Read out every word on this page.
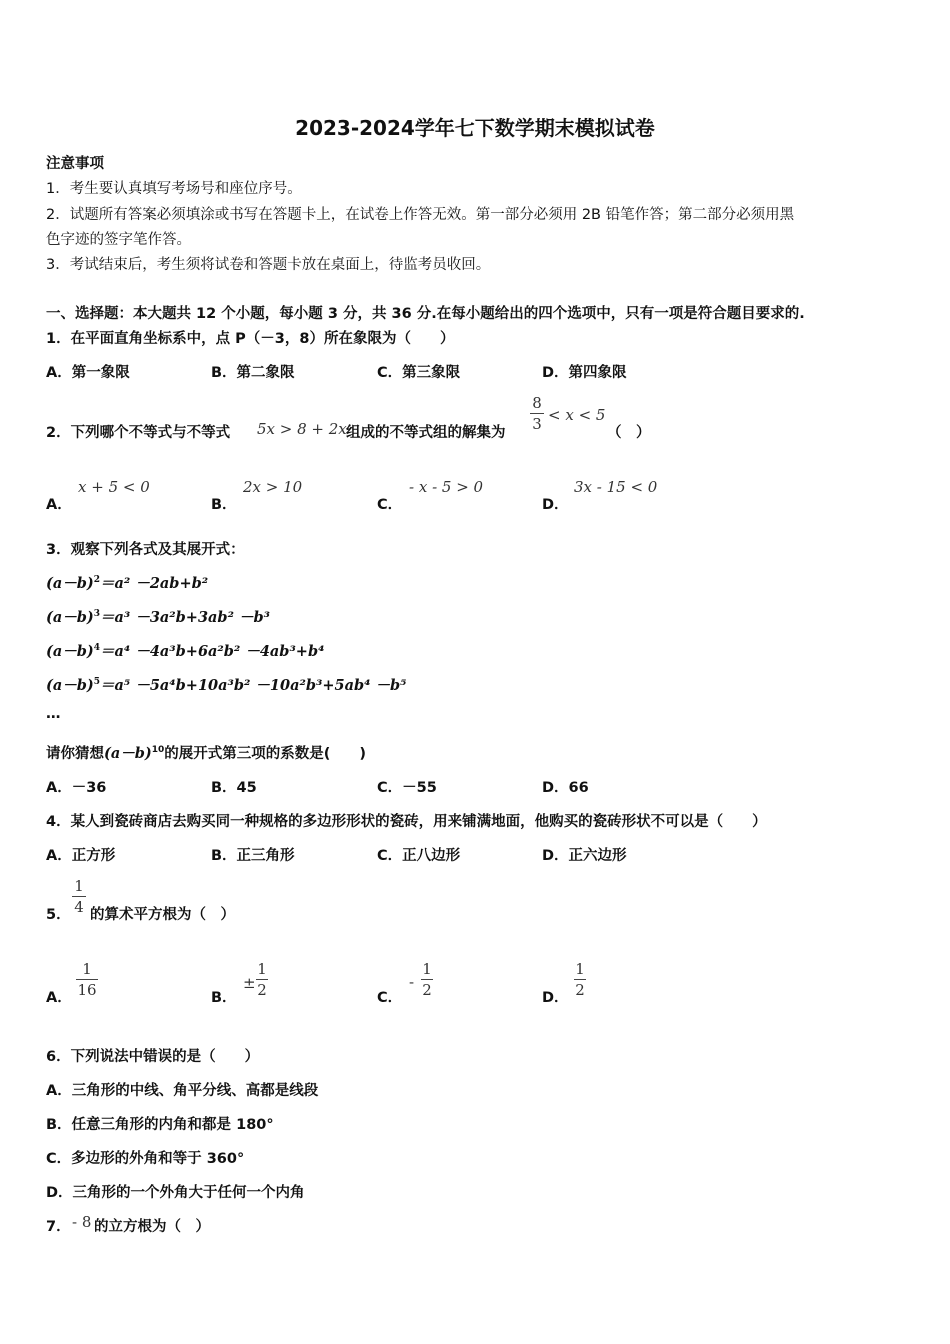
2023-2024学年七下数学期末模拟试卷
注意事项
1．考生要认真填写考场号和座位序号。
2．试题所有答案必须填涂或书写在答题卡上，在试卷上作答无效。第一部分必须用 2B 铅笔作答；第二部分必须用黑
色字迹的签字笔作答。
3．考试结束后，考生须将试卷和答题卡放在桌面上，待监考员收回。
一、选择题：本大题共 12 个小题，每小题 3 分，共 36 分.在每小题给出的四个选项中，只有一项是符合题目要求的.
1．在平面直角坐标系中，点 P（－3，8）所在象限为（　　）
A．第一象限	B．第二象限	C．第三象限	D．第四象限
2．下列哪个不等式与不等式 5x > 8 + 2x 组成的不等式组的解集为
8
3 < x < 5
（　）
A．
x + 5 < 0
B．
2x > 10
C．
- x - 5 > 0
D．
3x - 15 < 0
3．观察下列各式及其展开式：
$(a-b)^2=a^2 -2ab+b^2$
$(a-b)^3=a^3 -3a^2b+3ab^2 -b^3$
$(a-b)^4=a^4 -4a^3b+6a^2b^2 -4ab^3+b^4$
$(a-b)^5=a^5 -5a^4b+10a^3b^2 -10a^2b^3+5ab^4 -b^5$
…
请你猜想$(a-b)^{10}$的展开式第三项的系数是(　　)
A．－36	B．45	C．－55	D．66
4．某人到瓷砖商店去购买同一种规格的多边形形状的瓷砖，用来铺满地面，他购买的瓷砖形状不可以是（　　）
A．正方形	B．正三角形	C．正八边形	D．正六边形
5．
1
4 的算术平方根为（　）
A．
1
16	B．
±
1
2	C．
-
1
2	D．
1
2
6．下列说法中错误的是（　　）
A．三角形的中线、角平分线、高都是线段
B．任意三角形的内角和都是 180°
C．多边形的外角和等于 360°
D．三角形的一个外角大于任何一个内角
7． - 8 的立方根为（　）
